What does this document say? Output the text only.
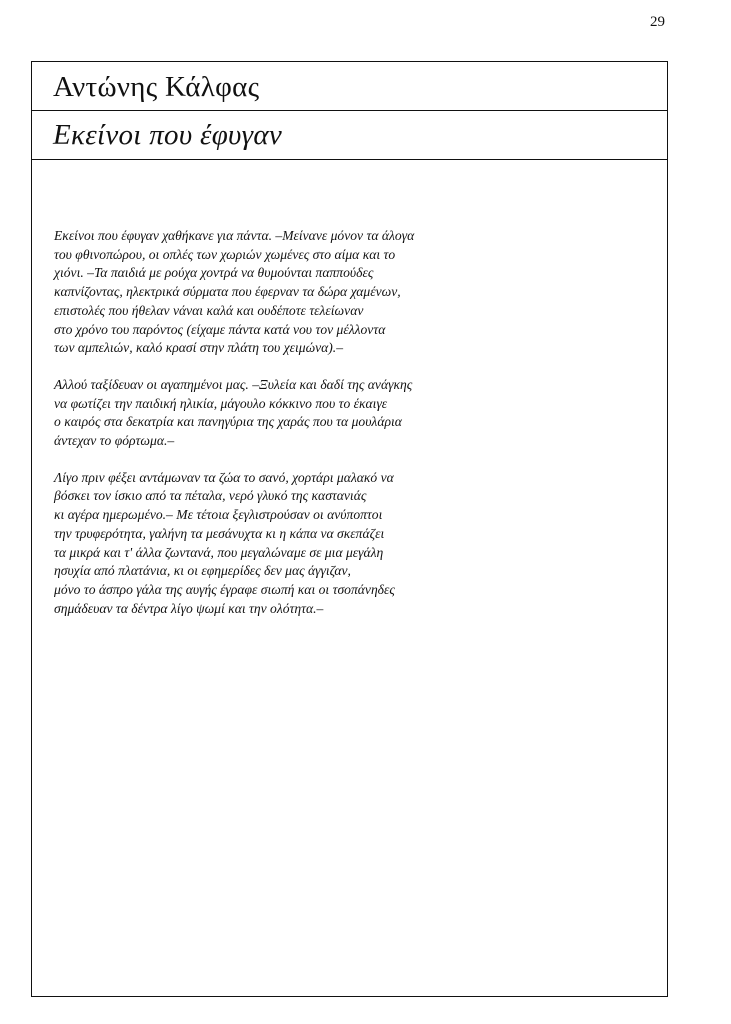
29
Αντώνης Κάλφας
Εκείνοι που έφυγαν
Εκείνοι που έφυγαν χαθήκανε για πάντα. –Μείνανε μόνον τα άλογα
του φθινοπώρου, οι οπλές των χωριών χωμένες στο αίμα και το
χιόνι. –Τα παιδιά με ρούχα χοντρά να θυμούνται παππούδες
καπνίζοντας, ηλεκτρικά σύρματα που έφερναν τα δώρα χαμένων,
επιστολές που ήθελαν νάναι καλά και ουδέποτε τελείωναν
στο χρόνο του παρόντος (είχαμε πάντα κατά νου τον μέλλοντα
των αμπελιών, καλό κρασί στην πλάτη του χειμώνα).–
Αλλού ταξίδευαν οι αγαπημένοι μας. –Ξυλεία και δαδί της ανάγκης
να φωτίζει την παιδική ηλικία, μάγουλο κόκκινο που το έκαιγε
ο καιρός στα δεκατρία και πανηγύρια της χαράς που τα μουλάρια
άντεχαν το φόρτωμα.–
Λίγο πριν φέξει αντάμωναν τα ζώα το σανό, χορτάρι μαλακό να
βόσκει τον ίσκιο από τα πέταλα, νερό γλυκό της καστανιάς
κι αγέρα ημερωμένο.– Με τέτοια ξεγλιστρούσαν οι ανύποπτοι
την τρυφερότητα, γαλήνη τα μεσάνυχτα κι η κάπα να σκεπάζει
τα μικρά και τ' άλλα ζωντανά, που μεγαλώναμε σε μια μεγάλη
ησυχία από πλατάνια, κι οι εφημερίδες δεν μας άγγιζαν,
μόνο το άσπρο γάλα της αυγής έγραφε σιωπή και οι τσοπάνηδες
σημάδευαν τα δέντρα λίγο ψωμί και την ολότητα.–
